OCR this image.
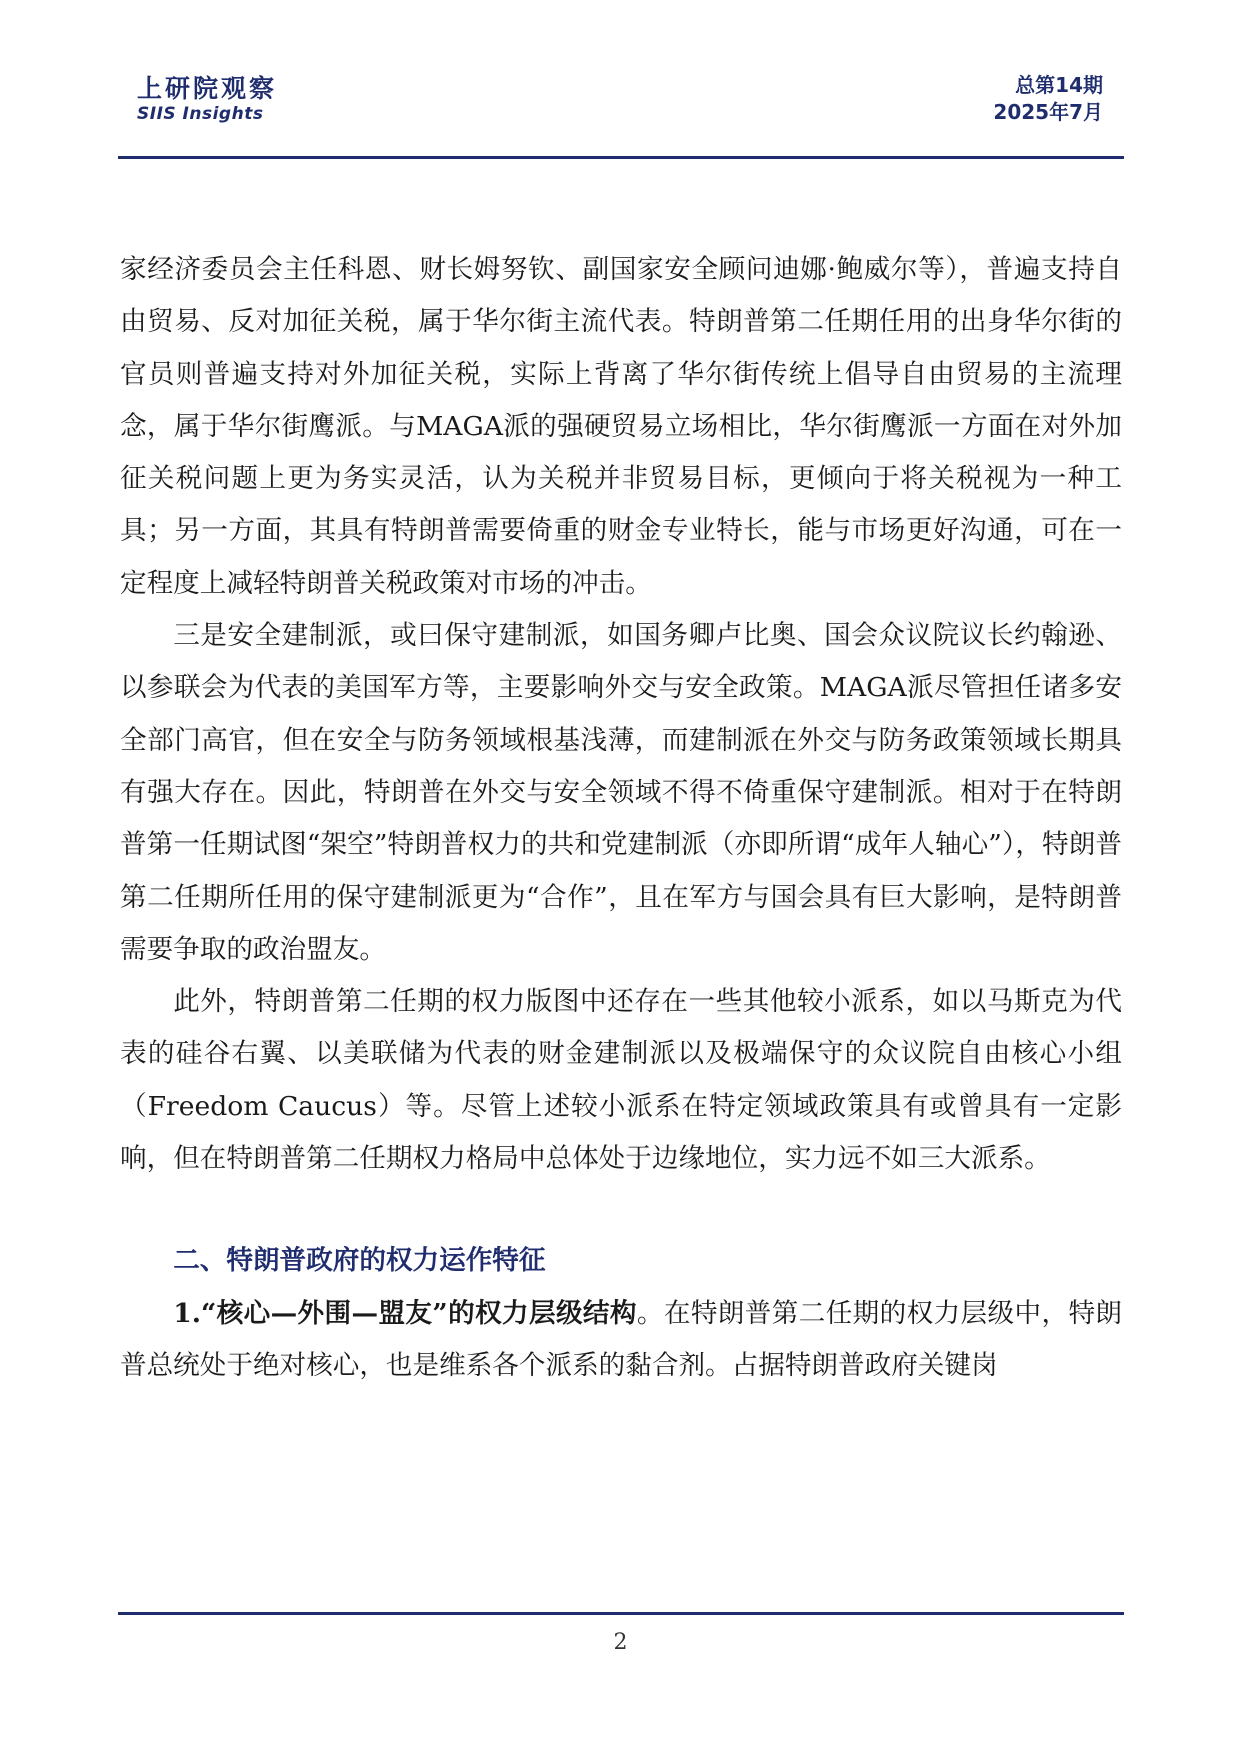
上研院观察
SIIS Insights
总第14期
2025年7月

家经济委员会主任科恩、财长姆努钦、副国家安全顾问迪娜·鲍威尔等），普遍支持自由贸易、反对加征关税，属于华尔街主流代表。特朗普第二任期任用的出身华尔街的官员则普遍支持对外加征关税，实际上背离了华尔街传统上倡导自由贸易的主流理念，属于华尔街鹰派。与MAGA派的强硬贸易立场相比，华尔街鹰派一方面在对外加征关税问题上更为务实灵活，认为关税并非贸易目标，更倾向于将关税视为一种工具；另一方面，其具有特朗普需要倚重的财金专业特长，能与市场更好沟通，可在一定程度上减轻特朗普关税政策对市场的冲击。

三是安全建制派，或曰保守建制派，如国务卿卢比奥、国会众议院议长约翰逊、以参联会为代表的美国军方等，主要影响外交与安全政策。MAGA派尽管担任诸多安全部门高官，但在安全与防务领域根基浅薄，而建制派在外交与防务政策领域长期具有强大存在。因此，特朗普在外交与安全领域不得不倚重保守建制派。相对于在特朗普第一任期试图“架空”特朗普权力的共和党建制派（亦即所谓“成年人轴心”），特朗普第二任期所任用的保守建制派更为“合作”，且在军方与国会具有巨大影响，是特朗普需要争取的政治盟友。

此外，特朗普第二任期的权力版图中还存在一些其他较小派系，如以马斯克为代表的硅谷右翼、以美联储为代表的财金建制派以及极端保守的众议院自由核心小组（Freedom Caucus）等。尽管上述较小派系在特定领域政策具有或曾具有一定影响，但在特朗普第二任期权力格局中总体处于边缘地位，实力远不如三大派系。

二、特朗普政府的权力运作特征

1.“核心—外围—盟友”的权力层级结构。在特朗普第二任期的权力层级中，特朗普总统处于绝对核心，也是维系各个派系的黏合剂。占据特朗普政府关键岗

2
